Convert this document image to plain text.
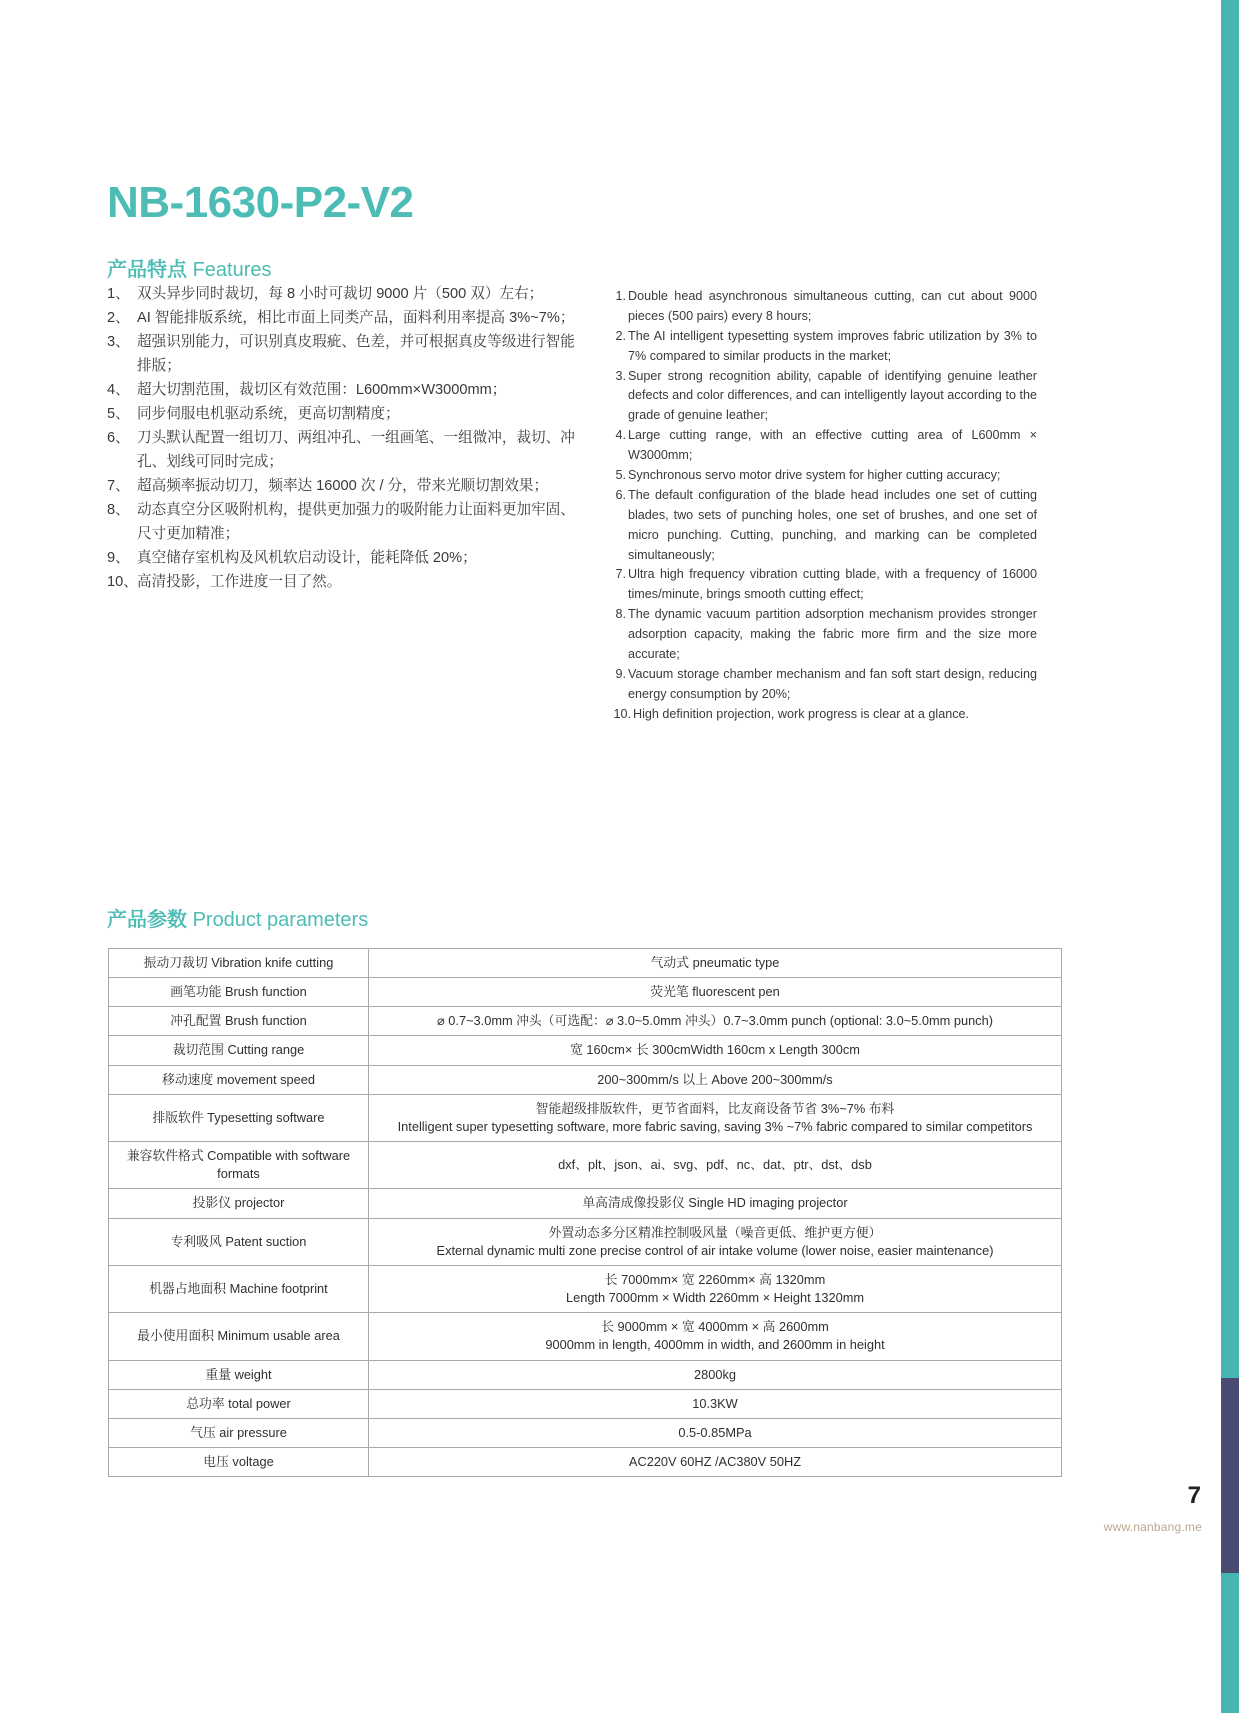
NB-1630-P2-V2
产品特点 Features
1、 双头异步同时裁切，每 8 小时可裁切 9000 片（500 双）左右；
2、 AI 智能排版系统，相比市面上同类产品，面料利用率提高 3%~7%；
3、 超强识别能力，可识别真皮瑕疵、色差，并可根据真皮等级进行智能排版；
4、 超大切割范围，裁切区有效范围：L600mm×W3000mm；
5、 同步伺服电机驱动系统，更高切割精度；
6、 刀头默认配置一组切刀、两组冲孔、一组画笔、一组微冲，裁切、冲孔、划线可同时完成；
7、 超高频率振动切刀，频率达 16000 次 / 分，带来光顺切割效果；
8、 动态真空分区吸附机构，提供更加强力的吸附能力让面料更加牢固、尺寸更加精准；
9、 真空储存室机构及风机软启动设计，能耗降低 20%；
10、 高清投影，工作进度一目了然。
1. Double head asynchronous simultaneous cutting, can cut about 9000 pieces (500 pairs) every 8 hours;
2. The AI intelligent typesetting system improves fabric utilization by 3% to 7% compared to similar products in the market;
3. Super strong recognition ability, capable of identifying genuine leather defects and color differences, and can intelligently layout according to the grade of genuine leather;
4. Large cutting range, with an effective cutting area of L600mm × W3000mm;
5. Synchronous servo motor drive system for higher cutting accuracy;
6. The default configuration of the blade head includes one set of cutting blades, two sets of punching holes, one set of brushes, and one set of micro punching. Cutting, punching, and marking can be completed simultaneously;
7. Ultra high frequency vibration cutting blade, with a frequency of 16000 times/minute, brings smooth cutting effect;
8. The dynamic vacuum partition adsorption mechanism provides stronger adsorption capacity, making the fabric more firm and the size more accurate;
9. Vacuum storage chamber mechanism and fan soft start design, reducing energy consumption by 20%;
10. High definition projection, work progress is clear at a glance.
产品参数 Product parameters
振动刀裁切 Vibration knife cutting	气动式 pneumatic type

画笔功能 Brush function	荧光笔 fluorescent pen

冲孔配置 Brush function	⌀ 0.7~3.0mm 冲头（可选配：⌀ 3.0~5.0mm 冲头）0.7~3.0mm punch (optional: 3.0~5.0mm punch)

裁切范围 Cutting range	宽 160cm× 长 300cmWidth 160cm x Length 300cm

移动速度 movement speed	200~300mm/s 以上 Above 200~300mm/s

排版软件 Typesetting software	智能超级排版软件，更节省面料，比友商设备节省 3%~7% 布料
Intelligent super typesetting software, more fabric saving, saving 3% ~7% fabric compared to similar competitors

兼容软件格式 Compatible with software formats	dxf、plt、json、ai、svg、pdf、nc、dat、ptr、dst、dsb

投影仪 projector	单高清成像投影仪 Single HD imaging projector

专利吸风 Patent suction	外置动态多分区精准控制吸风量（噪音更低、维护更方便）
External dynamic multi zone precise control of air intake volume (lower noise, easier maintenance)

机器占地面积 Machine footprint	长 7000mm× 宽 2260mm× 高 1320mm
Length 7000mm × Width 2260mm × Height 1320mm

最小使用面积 Minimum usable area	长 9000mm × 宽 4000mm × 高 2600mm
9000mm in length, 4000mm in width, and 2600mm in height

重量 weight	2800kg

总功率 total power	10.3KW

气压 air pressure	0.5-0.85MPa

电压 voltage	AC220V 60HZ /AC380V 50HZ
7
www.nanbang.me
